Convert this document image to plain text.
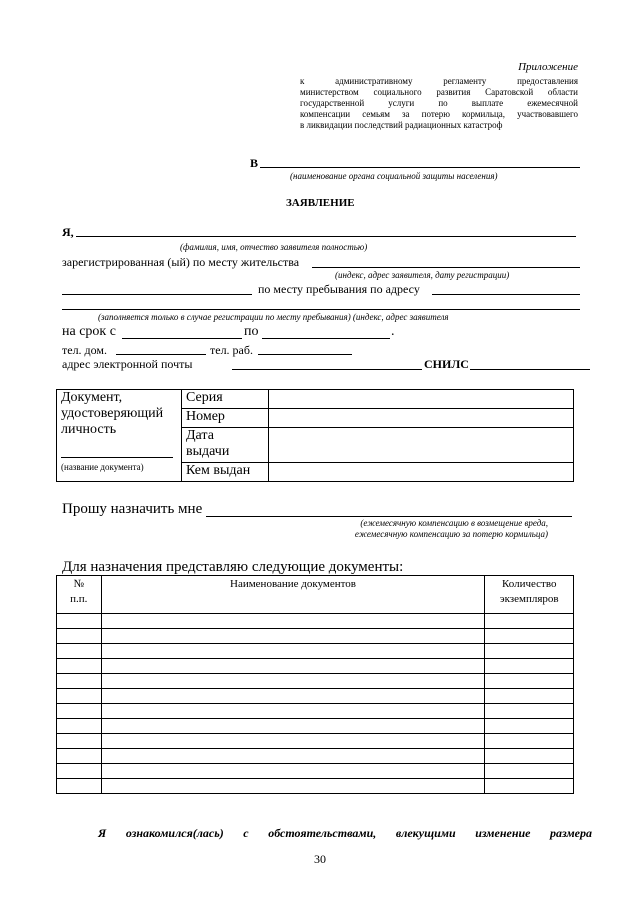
Приложение
к административному регламенту предоставления
министерством социального развития Саратовской области
государственной услуги по выплате ежемесячной
компенсации семьям за потерю кормильца, участвовавшего
в ликвидации последствий радиационных катастроф
В
(наименование органа социальной защиты населения)
ЗАЯВЛЕНИЕ
Я,
(фамилия, имя, отчество заявителя полностью)
зарегистрированная (ый) по месту жительства
(индекс, адрес заявителя, дату регистрации)
по месту пребывания по адресу
(заполняется только в случае регистрации по месту пребывания) (индекс, адрес заявителя
на срок с	по	.
тел. дом.	тел. раб.
адрес электронной почты	СНИЛС
Документ,
удостоверяющий
личность
(название документа)	Серия	
	Номер	
	Дата
выдачи	
	Кем выдан	
Прошу назначить мне
(ежемесячную компенсацию в возмещение вреда,
ежемесячную компенсацию за потерю кормильца)
Для назначения представляю следующие документы:
№
п.п.	Наименование документов	Количество
экземпляров

Я ознакомился(лась) с обстоятельствами, влекущими изменение размера
30
